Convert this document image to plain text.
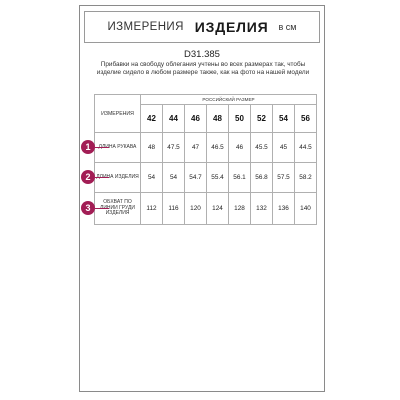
ИЗМЕРЕНИЯ ИЗДЕЛИЯ в см
D31.385
Прибавки на свободу облегания учтены во всех размерах так, чтобы изделие сидело в любом размере также, как на фото на нашей модели
ИЗМЕРЕНИЯ	РОССИЙСКИЙ РАЗМЕР							
	42	44	46	48	50	52	54	56
ДЛИНА РУКАВА	48	47.5	47	46.5	46	45.5	45	44.5
ДЛИНА ИЗДЕЛИЯ	54	54	54.7	55.4	56.1	56.8	57.5	58.2
ОБХВАТ ПО ЛИНИИ ГРУДИ ИЗДЕЛИЯ	112	116	120	124	128	132	136	140
1
2
3
